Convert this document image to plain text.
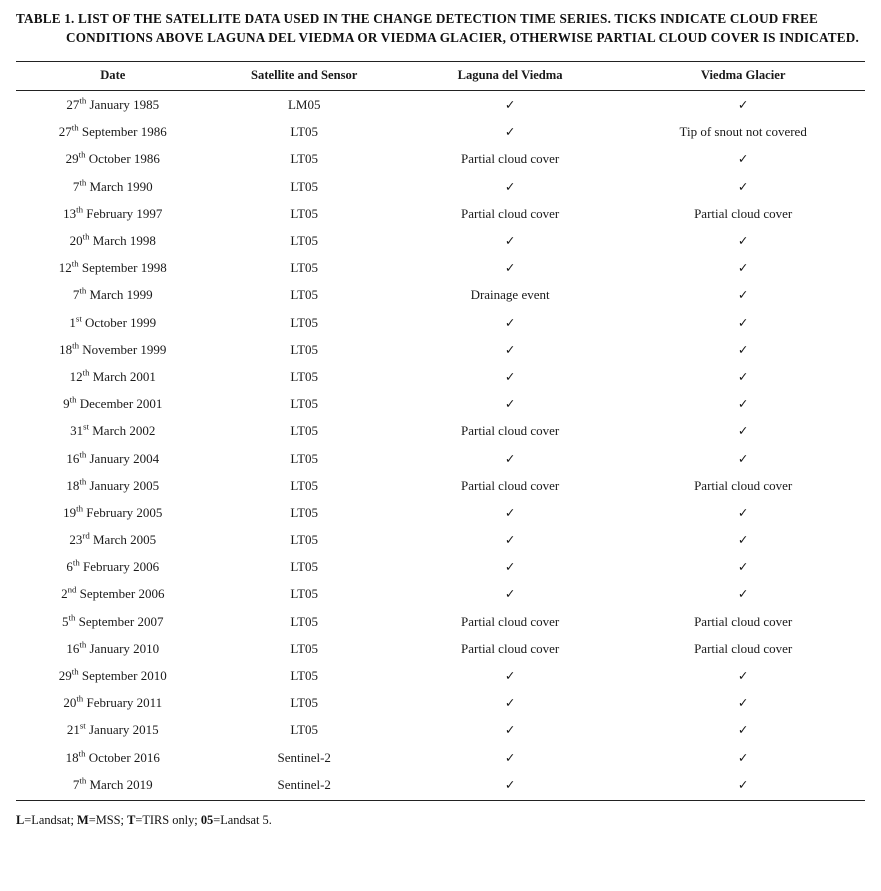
TABLE 1. LIST OF THE SATELLITE DATA USED IN THE CHANGE DETECTION TIME SERIES. TICKS INDICATE CLOUD FREE CONDITIONS ABOVE LAGUNA DEL VIEDMA OR VIEDMA GLACIER, OTHERWISE PARTIAL CLOUD COVER IS INDICATED.
Date	Satellite and Sensor	Laguna del Viedma	Viedma Glacier
27th January 1985	LM05	✓	✓
27th September 1986	LT05	✓	Tip of snout not covered
29th October 1986	LT05	Partial cloud cover	✓
7th March 1990	LT05	✓	✓
13th February 1997	LT05	Partial cloud cover	Partial cloud cover
20th March 1998	LT05	✓	✓
12th September 1998	LT05	✓	✓
7th March 1999	LT05	Drainage event	✓
1st October 1999	LT05	✓	✓
18th November 1999	LT05	✓	✓
12th March 2001	LT05	✓	✓
9th December 2001	LT05	✓	✓
31st March 2002	LT05	Partial cloud cover	✓
16th January 2004	LT05	✓	✓
18th January 2005	LT05	Partial cloud cover	Partial cloud cover
19th February 2005	LT05	✓	✓
23rd March 2005	LT05	✓	✓
6th February 2006	LT05	✓	✓
2nd September 2006	LT05	✓	✓
5th September 2007	LT05	Partial cloud cover	Partial cloud cover
16th January 2010	LT05	Partial cloud cover	Partial cloud cover
29th September 2010	LT05	✓	✓
20th February 2011	LT05	✓	✓
21st January 2015	LT05	✓	✓
18th October 2016	Sentinel-2	✓	✓
7th March 2019	Sentinel-2	✓	✓
L=Landsat; M=MSS; T=TIRS only; 05=Landsat 5.
